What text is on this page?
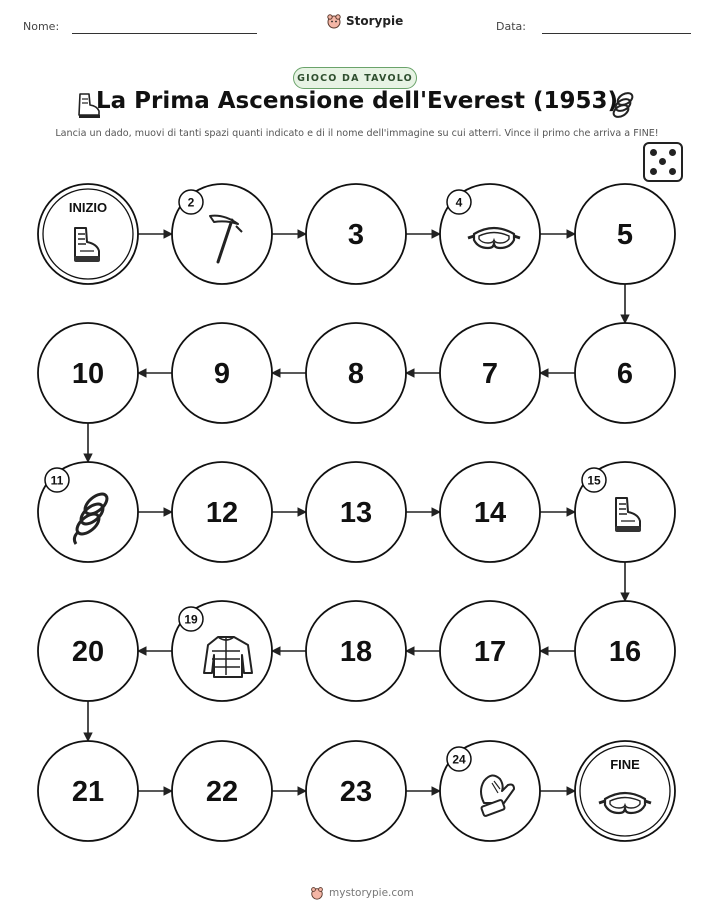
Nome:	Storypie	Data:
GIOCO DA TAVOLO
La Prima Ascensione dell'Everest (1953)
Lancia un dado, muovi di tanti spazi quanti indicato e di il nome dell'immagine su cui atterri. Vince il primo che arriva a FINE!
INIZIO	2
3
4
5
6
7
8
9
10
11
12	13	14
15
16
17
18
19
20
21	22	23
24	FINE
mystorypie.com
